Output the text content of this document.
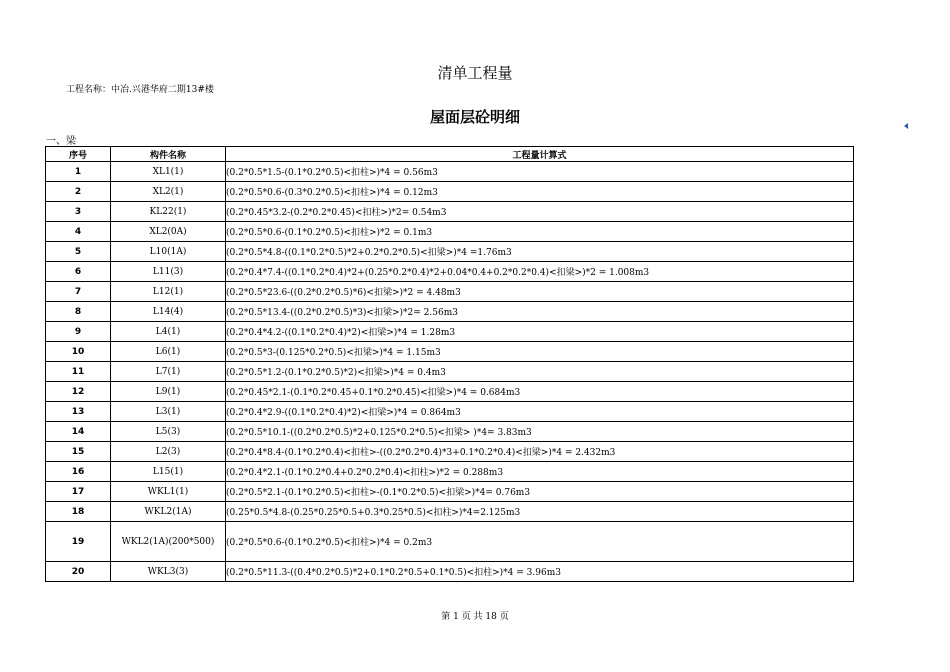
清单工程量
工程名称：中冶.兴港华府二期13#楼
屋面层砼明细
一、梁
序号	构件名称	工程量计算式
1	XL1(1)	(0.2*0.5*1.5-(0.1*0.2*0.5)<扣柱>)*4 = 0.56m3
2	XL2(1)	(0.2*0.5*0.6-(0.3*0.2*0.5)<扣柱>)*4 = 0.12m3
3	KL22(1)	(0.2*0.45*3.2-(0.2*0.2*0.45)<扣柱>)*2= 0.54m3
4	XL2(0A)	(0.2*0.5*0.6-(0.1*0.2*0.5)<扣柱>)*2 = 0.1m3
5	L10(1A)	(0.2*0.5*4.8-((0.1*0.2*0.5)*2+0.2*0.2*0.5)<扣梁>)*4 =1.76m3
6	L11(3)	(0.2*0.4*7.4-((0.1*0.2*0.4)*2+(0.25*0.2*0.4)*2+0.04*0.4+0.2*0.2*0.4)<扣梁>)*2 = 1.008m3
7	L12(1)	(0.2*0.5*23.6-((0.2*0.2*0.5)*6)<扣梁>)*2 = 4.48m3
8	L14(4)	(0.2*0.5*13.4-((0.2*0.2*0.5)*3)<扣梁>)*2= 2.56m3
9	L4(1)	(0.2*0.4*4.2-((0.1*0.2*0.4)*2)<扣梁>)*4 = 1.28m3
10	L6(1)	(0.2*0.5*3-(0.125*0.2*0.5)<扣梁>)*4 = 1.15m3
11	L7(1)	(0.2*0.5*1.2-(0.1*0.2*0.5)*2)<扣梁>)*4 = 0.4m3
12	L9(1)	(0.2*0.45*2.1-(0.1*0.2*0.45+0.1*0.2*0.45)<扣梁>)*4 = 0.684m3
13	L3(1)	(0.2*0.4*2.9-((0.1*0.2*0.4)*2)<扣梁>)*4 = 0.864m3
14	L5(3)	(0.2*0.5*10.1-((0.2*0.2*0.5)*2+0.125*0.2*0.5)<扣梁> )*4= 3.83m3
15	L2(3)	(0.2*0.4*8.4-(0.1*0.2*0.4)<扣柱>-((0.2*0.2*0.4)*3+0.1*0.2*0.4)<扣梁>)*4 = 2.432m3
16	L15(1)	(0.2*0.4*2.1-(0.1*0.2*0.4+0.2*0.2*0.4)<扣柱>)*2 = 0.288m3
17	WKL1(1)	(0.2*0.5*2.1-(0.1*0.2*0.5)<扣柱>-(0.1*0.2*0.5)<扣梁>)*4= 0.76m3
18	WKL2(1A)	(0.25*0.5*4.8-(0.25*0.25*0.5+0.3*0.25*0.5)<扣柱>)*4=2.125m3
19	WKL2(1A)(200*500)	(0.2*0.5*0.6-(0.1*0.2*0.5)<扣柱>)*4 = 0.2m3
20	WKL3(3)	(0.2*0.5*11.3-((0.4*0.2*0.5)*2+0.1*0.2*0.5+0.1*0.5)<扣柱>)*4 = 3.96m3
第 1 页 共 18 页
